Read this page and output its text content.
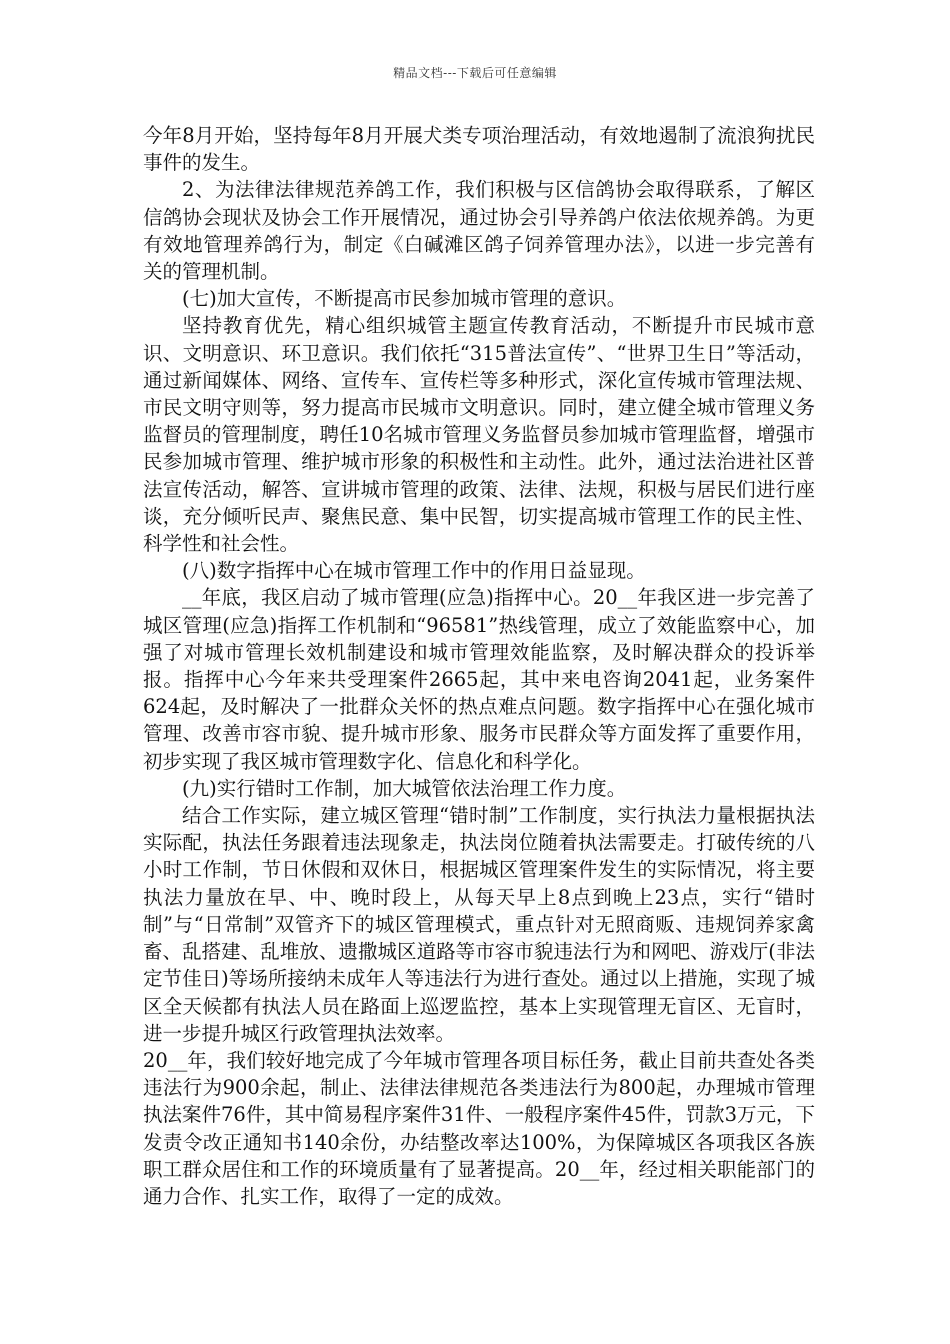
精品文档---下载后可任意编辑

今年8月开始，坚持每年8月开展犬类专项治理活动，有效地遏制了流浪狗扰民事件的发生。

2、为法律法律规范养鸽工作，我们积极与区信鸽协会取得联系，了解区信鸽协会现状及协会工作开展情况，通过协会引导养鸽户依法依规养鸽。为更有效地管理养鸽行为，制定《白碱滩区鸽子饲养管理办法》，以进一步完善有关的管理机制。

(七)加大宣传，不断提高市民参加城市管理的意识。

坚持教育优先，精心组织城管主题宣传教育活动，不断提升市民城市意识、文明意识、环卫意识。我们依托“315普法宣传”、“世界卫生日”等活动，通过新闻媒体、网络、宣传车、宣传栏等多种形式，深化宣传城市管理法规、市民文明守则等，努力提高市民城市文明意识。同时，建立健全城市管理义务监督员的管理制度，聘任10名城市管理义务监督员参加城市管理监督，增强市民参加城市管理、维护城市形象的积极性和主动性。此外，通过法治进社区普法宣传活动，解答、宣讲城市管理的政策、法律、法规，积极与居民们进行座谈，充分倾听民声、聚焦民意、集中民智，切实提高城市管理工作的民主性、科学性和社会性。

(八)数字指挥中心在城市管理工作中的作用日益显现。

__年底，我区启动了城市管理(应急)指挥中心。20__年我区进一步完善了城区管理(应急)指挥工作机制和“96581”热线管理，成立了效能监察中心，加强了对城市管理长效机制建设和城市管理效能监察，及时解决群众的投诉举报。指挥中心今年来共受理案件2665起，其中来电咨询2041起，业务案件624起，及时解决了一批群众关怀的热点难点问题。数字指挥中心在强化城市管理、改善市容市貌、提升城市形象、服务市民群众等方面发挥了重要作用，初步实现了我区城市管理数字化、信息化和科学化。

(九)实行错时工作制，加大城管依法治理工作力度。

结合工作实际，建立城区管理“错时制”工作制度，实行执法力量根据执法实际配，执法任务跟着违法现象走，执法岗位随着执法需要走。打破传统的八小时工作制，节日休假和双休日，根据城区管理案件发生的实际情况，将主要执法力量放在早、中、晚时段上，从每天早上8点到晚上23点，实行“错时制”与“日常制”双管齐下的城区管理模式，重点针对无照商贩、违规饲养家禽畜、乱搭建、乱堆放、遗撒城区道路等市容市貌违法行为和网吧、游戏厅(非法定节佳日)等场所接纳未成年人等违法行为进行查处。通过以上措施，实现了城区全天候都有执法人员在路面上巡逻监控，基本上实现管理无盲区、无盲时，进一步提升城区行政管理执法效率。

20__年，我们较好地完成了今年城市管理各项目标任务，截止目前共查处各类违法行为900余起，制止、法律法律规范各类违法行为800起，办理城市管理执法案件76件，其中简易程序案件31件、一般程序案件45件，罚款3万元，下发责令改正通知书140余份，办结整改率达100%，为保障城区各项我区各族职工群众居住和工作的环境质量有了显著提高。20__年，经过相关职能部门的通力合作、扎实工作，取得了一定的成效。
